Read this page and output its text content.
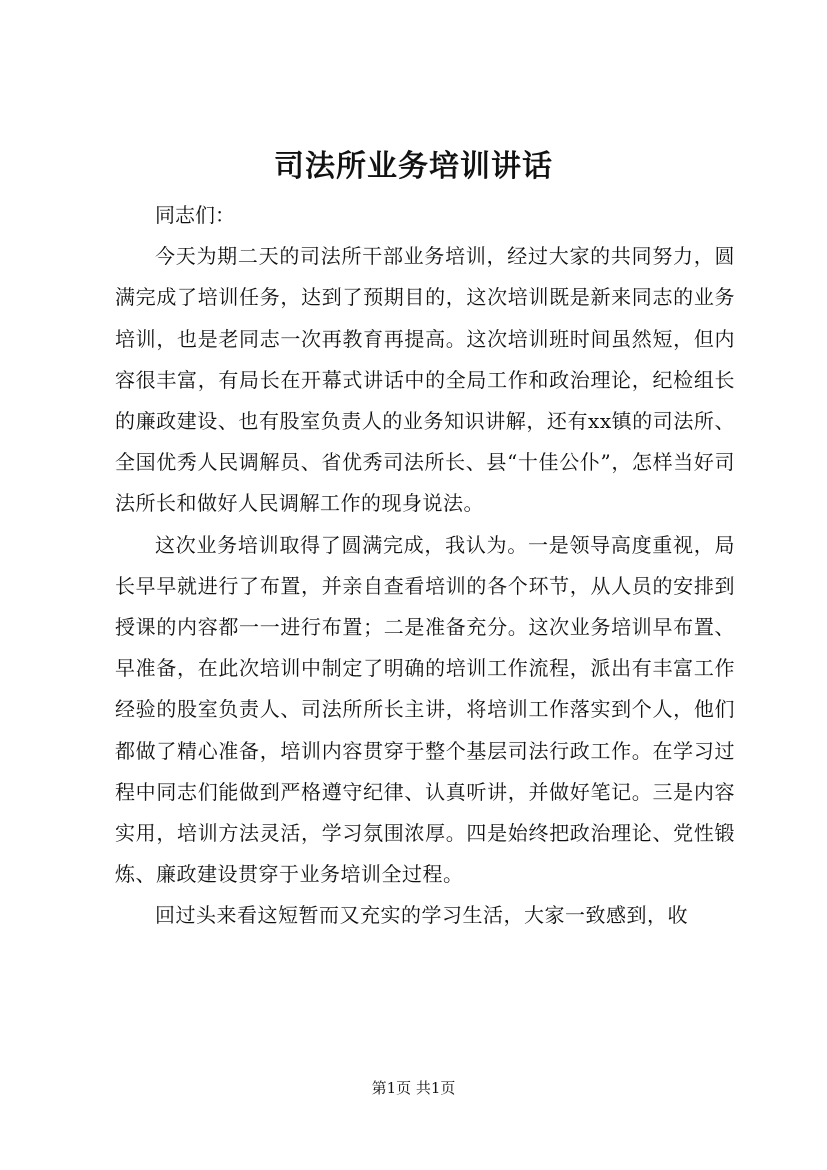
司法所业务培训讲话

同志们：

今天为期二天的司法所干部业务培训，经过大家的共同努力，圆满完成了培训任务，达到了预期目的，这次培训既是新来同志的业务培训，也是老同志一次再教育再提高。这次培训班时间虽然短，但内容很丰富，有局长在开幕式讲话中的全局工作和政治理论，纪检组长的廉政建设、也有股室负责人的业务知识讲解，还有xx镇的司法所、全国优秀人民调解员、省优秀司法所长、县“十佳公仆”，怎样当好司法所长和做好人民调解工作的现身说法。

这次业务培训取得了圆满完成，我认为。一是领导高度重视，局长早早就进行了布置，并亲自查看培训的各个环节，从人员的安排到授课的内容都一一进行布置；二是准备充分。这次业务培训早布置、早准备，在此次培训中制定了明确的培训工作流程，派出有丰富工作经验的股室负责人、司法所所长主讲，将培训工作落实到个人，他们都做了精心准备，培训内容贯穿于整个基层司法行政工作。在学习过程中同志们能做到严格遵守纪律、认真听讲，并做好笔记。三是内容实用，培训方法灵活，学习氛围浓厚。四是始终把政治理论、党性锻炼、廉政建设贯穿于业务培训全过程。

回过头来看这短暂而又充实的学习生活，大家一致感到，收

第1页 共1页
